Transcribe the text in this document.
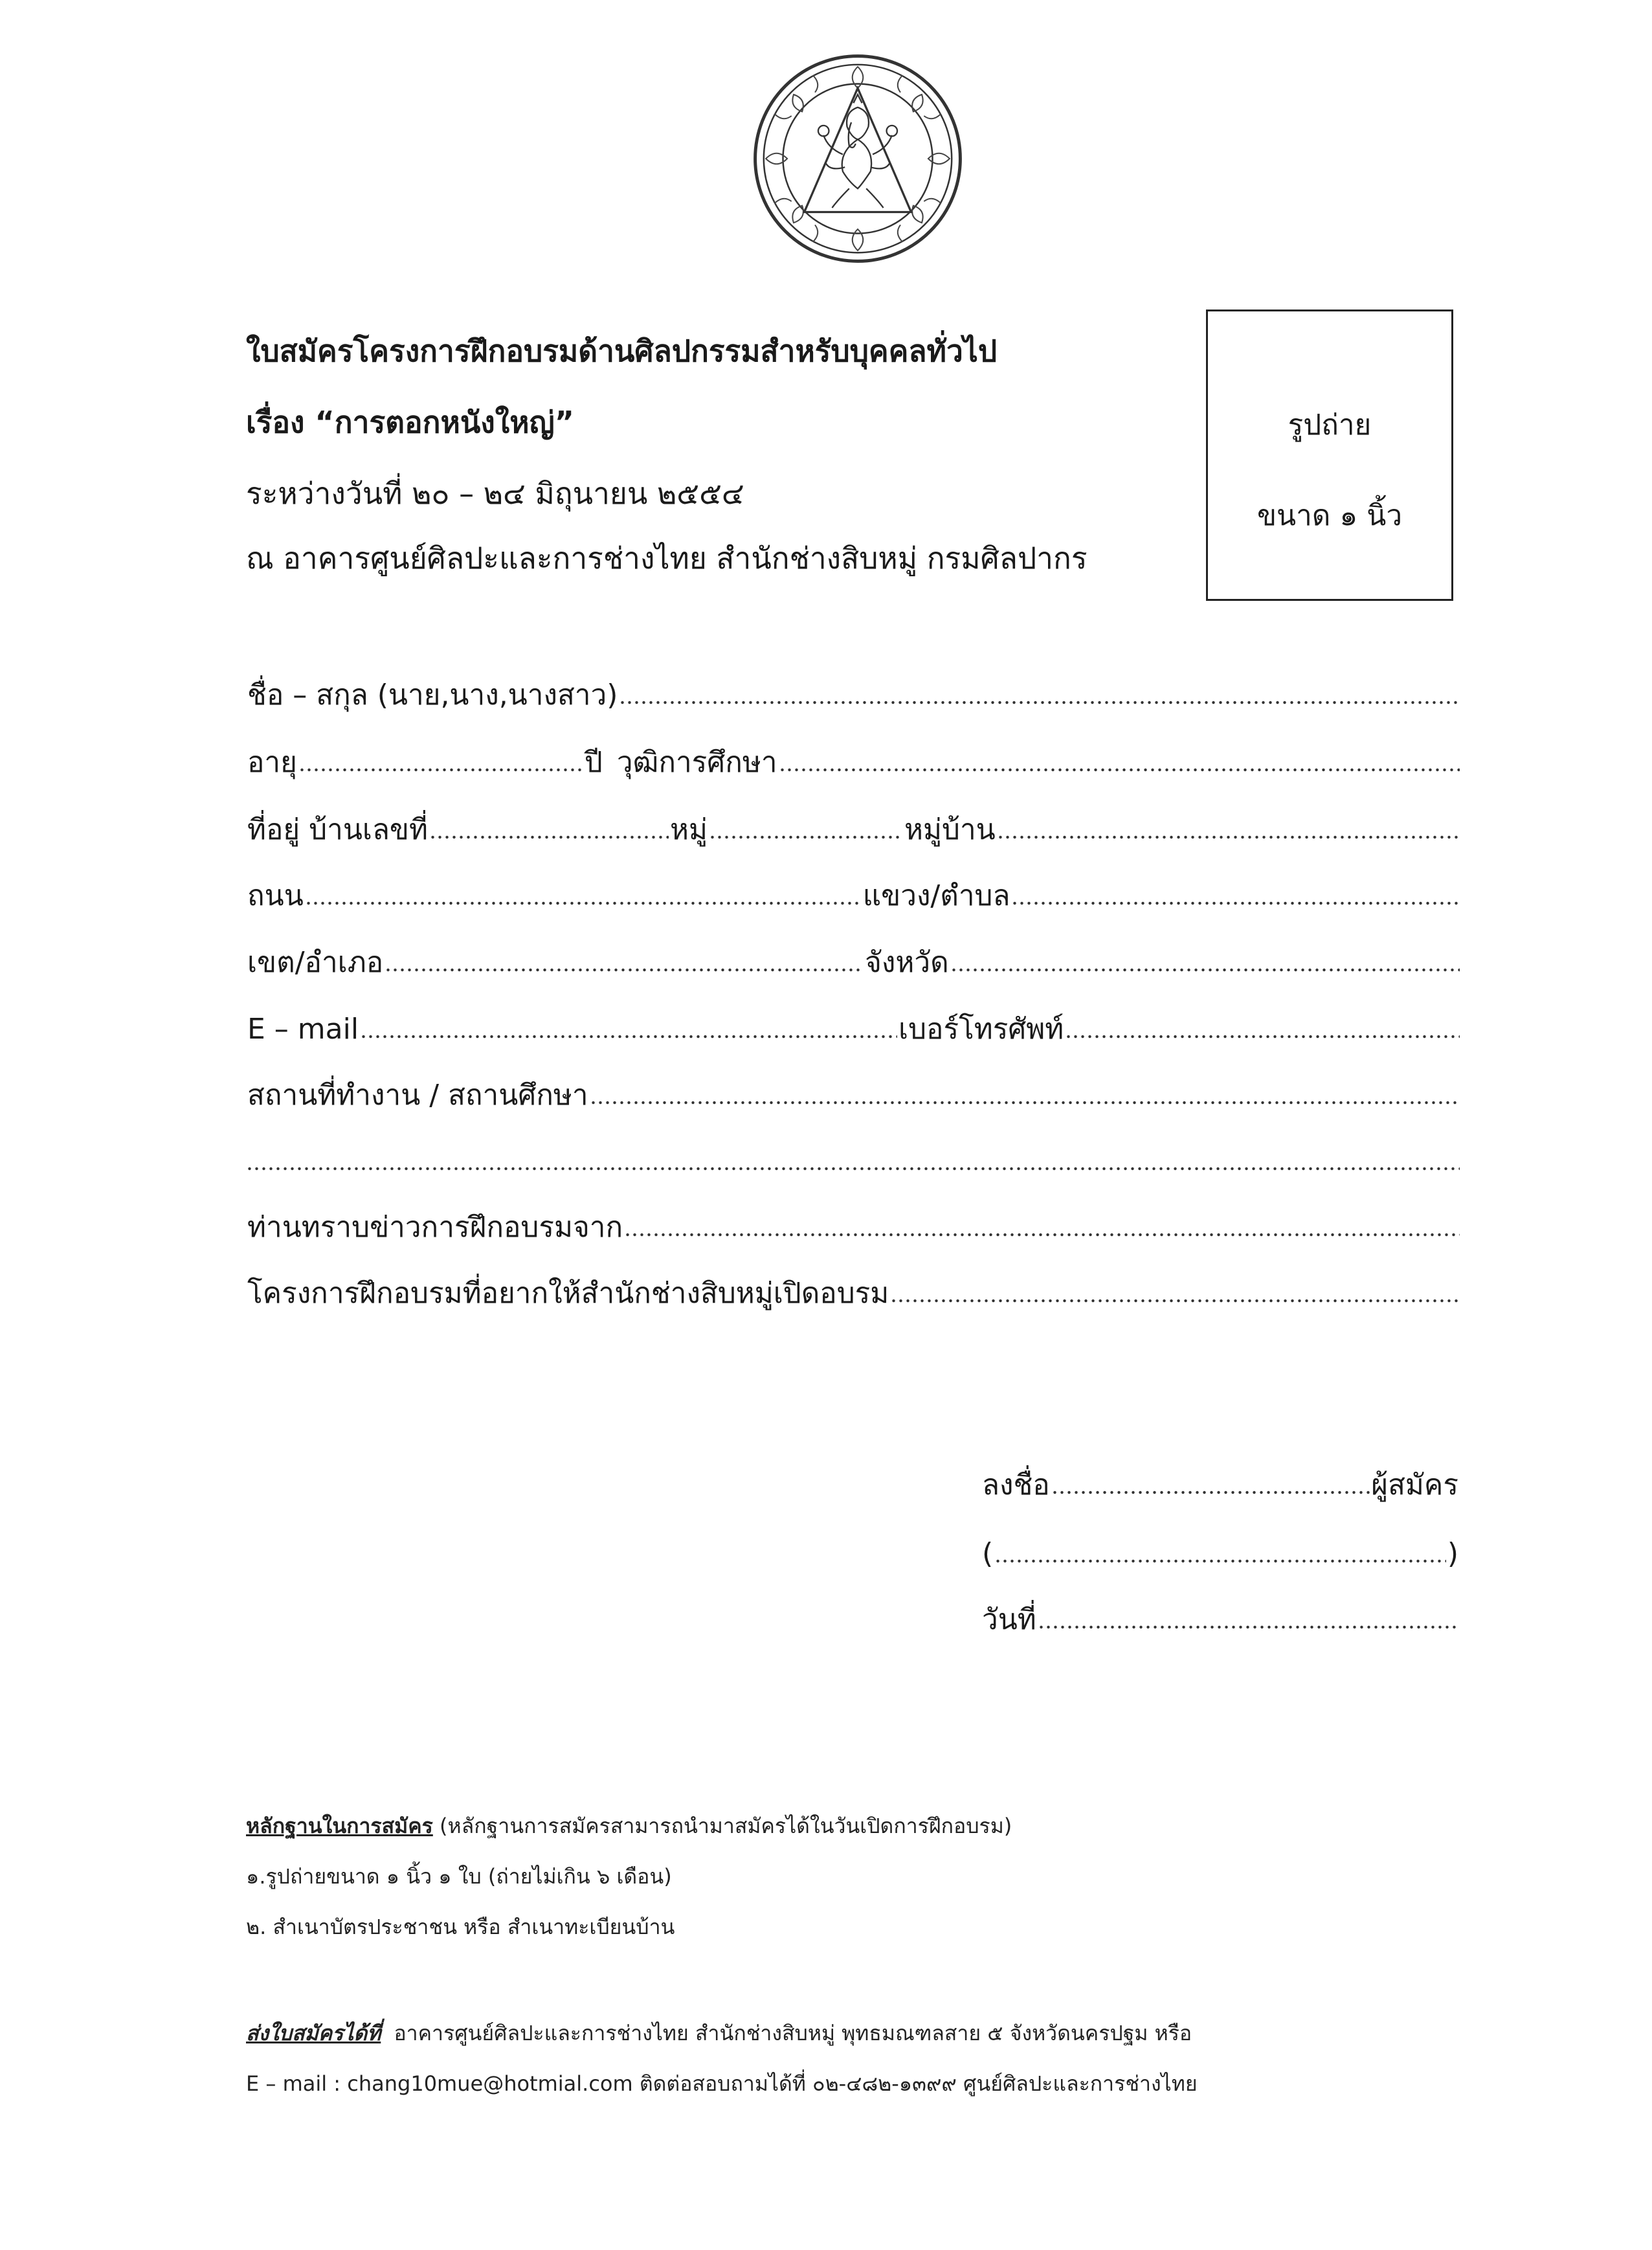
ใบสมัครโครงการฝึกอบรมด้านศิลปกรรมสำหรับบุคคลทั่วไป
เรื่อง “การตอกหนังใหญ่”
ระหว่างวันที่ ๒๐ – ๒๔ มิถุนายน ๒๕๕๔
ณ อาคารศูนย์ศิลปะและการช่างไทย สำนักช่างสิบหมู่ กรมศิลปากร
รูปถ่าย
ขนาด ๑ นิ้ว
ชื่อ – สกุล (นาย,นาง,นางสาว)
อายุ	ปี วุฒิการศึกษา
ที่อยู่ บ้านเลขที่	หมู่	หมู่บ้าน
ถนน	แขวง/ตำบล
เขต/อำเภอ	จังหวัด
E – mail	เบอร์โทรศัพท์
สถานที่ทำงาน / สถานศึกษา
ท่านทราบข่าวการฝึกอบรมจาก
โครงการฝึกอบรมที่อยากให้สำนักช่างสิบหมู่เปิดอบรม
ลงชื่อ	ผู้สมัคร
(	)
วันที่
หลักฐานในการสมัคร (หลักฐานการสมัครสามารถนำมาสมัครได้ในวันเปิดการฝึกอบรม)
๑.รูปถ่ายขนาด ๑ นิ้ว ๑ ใบ (ถ่ายไม่เกิน ๖ เดือน)
๒. สำเนาบัตรประชาชน หรือ สำเนาทะเบียนบ้าน
ส่งใบสมัครได้ที่ อาคารศูนย์ศิลปะและการช่างไทย สำนักช่างสิบหมู่ พุทธมณฑลสาย ๕ จังหวัดนครปฐม หรือ
E – mail : chang10mue@hotmial.com ติดต่อสอบถามได้ที่ ๐๒-๔๘๒-๑๓๙๙ ศูนย์ศิลปะและการช่างไทย
